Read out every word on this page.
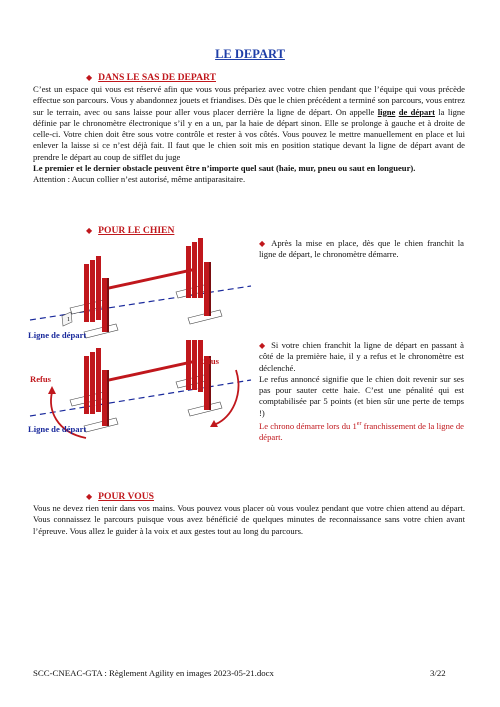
LE DEPART
◆ DANS LE SAS DE DEPART

C’est un espace qui vous est réservé afin que vous vous prépariez avec votre chien pendant que l’équipe qui vous précède effectue son parcours. Vous y abandonnez jouets et friandises. Dès que le chien précédent a terminé son parcours, vous entrez sur le terrain, avec ou sans laisse pour aller vous placer derrière la ligne de départ. On appelle ligne de départ la ligne définie par le chronomètre électronique s’il y en a un, par la haie de départ sinon. Elle se prolonge à gauche et à droite de celle-ci. Votre chien doit être sous votre contrôle et rester à vos côtés. Vous pouvez le mettre manuellement en place et lui enlever la laisse si ce n’est déjà fait. Il faut que le chien soit mis en position statique devant la ligne de départ avant de prendre le départ au coup de sifflet du juge

Le premier et le dernier obstacle peuvent être n’importe quel saut (haie, mur, pneu ou saut en longueur).

Attention : Aucun collier n’est autorisé, même antiparasitaire.

◆ POUR LE CHIEN

◆ Après la mise en place, dès que le chien franchit la ligne de départ, le chronomètre démarre.

◆ Si votre chien franchit la ligne de départ en passant à côté de la première haie, il y a refus et le chronomètre est déclenché.

Le refus annoncé signifie que le chien doit revenir sur ses pas pour sauter cette haie. C’est une pénalité qui est comptabilisée par 5 points (et bien sûr une perte de temps !)

Le chrono démarre lors du 1er franchissement de la ligne de départ.

1
Ligne de départ
Refus
Refus
Ligne de départ
◆ POUR VOUS

Vous ne devez rien tenir dans vos mains. Vous pouvez vous placer où vous voulez pendant que votre chien attend au départ. Vous connaissez le parcours puisque vous avez bénéficié de quelques minutes de reconnaissance sans votre chien avant l’épreuve. Vous allez le guider à la voix et aux gestes tout au long du parcours.

SCC-CNEAC-GTA : Règlement Agility en images 2023-05-21.docx	3/22
